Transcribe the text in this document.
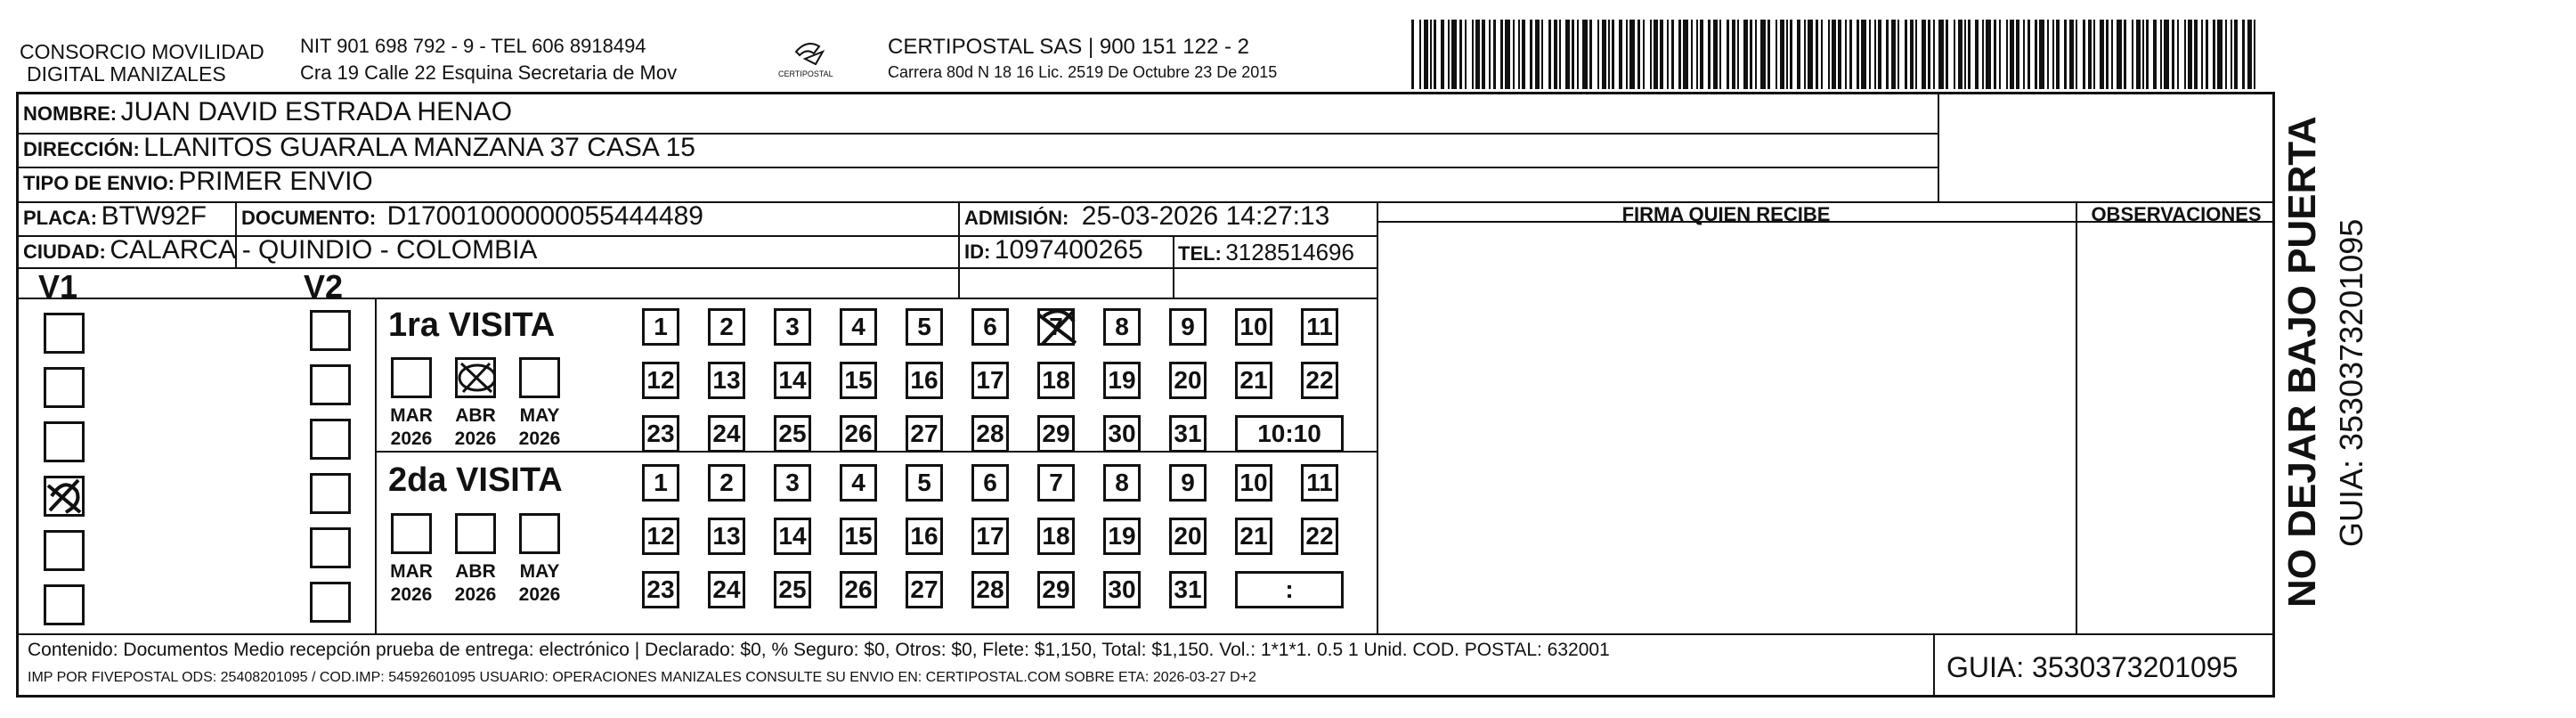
CONSORCIO MOVILIDAD
DIGITAL MANIZALES
NIT 901 698 792 - 9 - TEL 606 8918494
Cra 19 Calle 22 Esquina Secretaria de Mov	CERTIPOSTAL
CERTIPOSTAL SAS | 900 151 122 - 2
Carrera 80d N 18 16 Lic. 2519 De Octubre 23 De 2015
NOMBRE: JUAN DAVID ESTRADA HENAO
DIRECCIÓN: LLANITOS GUARALA MANZANA 37 CASA 15
TIPO DE ENVIO: PRIMER ENVIO
PLACA: BTW92F DOCUMENTO: D17001000000055444489	ADMISIÓN: 25-03-2026 14:27:13
CIUDAD: CALARCA - QUINDIO - COLOMBIA	ID: 1097400265 TEL: 3128514696
FIRMA QUIEN RECIBE	OBSERVACIONES
V1	V2
1ra VISITA
MAR
2026
ABR
2026
MAY
2026
1	2	3	4	5	6	7	8	9	10 11
12 13 14 15 16 17 18 19 20 21 22
23 24 25 26 27 28 29 30 31	10:10
2da VISITA
MAR
2026
ABR
2026
MAY
2026
1	2	3	4	5	6	7	8	9	10 11
12 13 14 15 16 17 18 19 20 21 22
23 24 25 26 27 28 29 30 31	:
Contenido: Documentos Medio recepción prueba de entrega: electrónico | Declarado: $0, % Seguro: $0, Otros: $0, Flete: $1,150, Total: $1,150. Vol.: 1*1*1. 0.5 1 Unid. COD. POSTAL: 632001
IMP POR FIVEPOSTAL ODS: 25408201095 / COD.IMP: 54592601095 USUARIO: OPERACIONES MANIZALES CONSULTE SU ENVIO EN: CERTIPOSTAL.COM SOBRE ETA: 2026-03-27 D+2	GUIA: 3530373201095
NO DEJAR BAJO PUERTA GUIA: 3530373201095
